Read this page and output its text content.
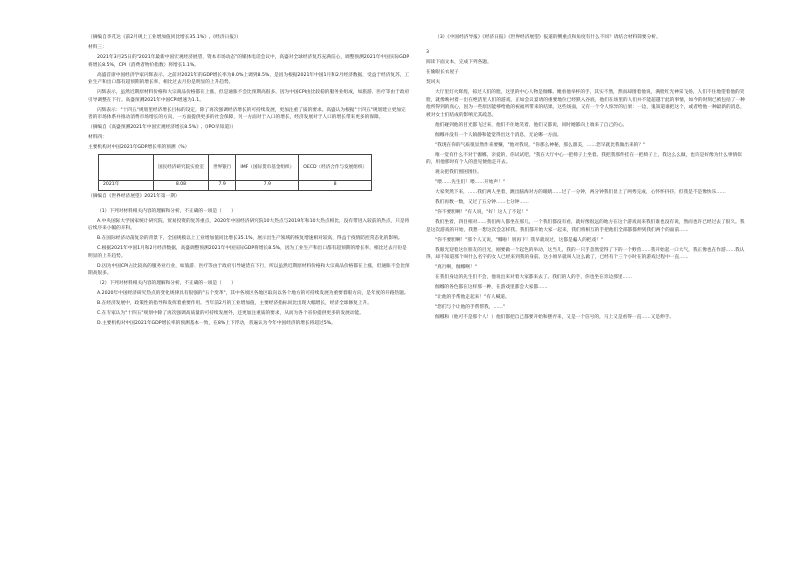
（摘编自李芃达《前2月规上工业增加值同比增长35.1%》,《经济日报》）

材料三：

2021年3月25日的"2021年最新中国宏观经济展望、资本市场动态"的媒体电话会议中，高盛对全球经济复苏充满信心，调整预测2021年中国实际GDP将增长8.5%，CPI（消费者物价指数）将增长1.1%。

高盛首席中国经济学家闪辉表示，之前对2021年的GDP增长率为8.0%上调到8.5%，是因为根据2021年中国1月和2月经济数据，受益于经济复苏，工业生产和出口都有超预期的增长率，相比过去月份是明显的上升趋势。

闪辉表示，虽然近期原材料价格和大宗商品价格都在上涨，但是通胀不会比预期高很多。因为中国CPI由比较稳的服务业组成，如旅游、医疗等由于政府引导调整在下行。高盛预测2021年中国CPI增速为1.1。

闪辉表示："十四五"规划里经济增长目标的设定，除了再次强调经济增长的可持续发展，更加注重了质的要求。高盛认为根据"十四五"规划建立更加完善的市场体系并推动消费市场增长的方向，一方面提供更多的社会保障，另一方面对于入口的增长，经济发展对于人口的增长带来更多的保障。

（摘编自《高盛预测2021年中国宏观经济增长8.5%》,《IPO早知道》）

材料四：

主要机构对中国2021年GDP增长率的预测（%）

	国民经济研究院实验室	世界银行	IMF（国际货币基金组织）	OECD（经济合作与发展组织）
2021年	8.08	7.9	7.9	8

（摘编自《世界经济展望》2021年第一期）

（1）下列对材料相关内容的理解和分析，不正确的一项是（　　）

A.中央国际大学国家统计研究院、贸易投资的复苏重点，2020年中国经济研究院10大热点与2019年和10大热点相比，没有带进入较前的热点，只是将后续序来小幅的开科。

B.在国际经济动荡复杂的背景下，全国规模以上工业增加值同比增长35.1%，展示出生产领域的恢复增速相对较高，得益于疫情防控常态化的影响。

C.根据2021年中国1月和2月经济数据，高盛调整预测2021年中国实际GDP将增长8.5%，因为工业生产和出口都有超预期的增长率，相比过去月份是明显的上升趋势。

D.因为中国CPI占比较高的服务业行业，如旅游、医疗等由于政府引导通货在下行，所以虽然近期原材料价格和大宗商品价格都在上涨，但通胀不会比预期高很多。

（2）下列对材料相关内容的理解和分析，不正确的一项是（　　）

A.2020年中国经济研究热点的变化规律具有很强的"五个变革"，其中各项区各地区取向以各个地方的可持续发展为重要着眼方向，是年度的开路热题。

B.在经济发展中，政策性的指导和发挥着重要作用。当年前2月的工业增加值，主要经济指标同比出现大幅增长，经济全球修复上升。

C.在专家认为"十四五"规划中除了再次强调高质量的可持续发展外，还更加注重质的要求，从而为各个省份提供更多的发展动能。

D.主要机构对中国2021年GDP增长率的预测基本一致，在8%上下浮动，普遍认为今年中国经济的增长将超过5%。

（3）《中国经济导报》《经济日报》《世界经济展望》报道的侧重点和角度有什么不同？请结合材料简要分析。

3

阅读下面文本，完成下列各题。

在偷眼长衣屋子

契诃夫

大厅里灯火辉煌，掠过人们的脸。这里的中心人物是伽娜。她看他举杯的手，其实不然，然而却围着他说，满脸红光神采飞扬，人们不住地望着他的笑脸，就像映衬着一出在绝活里人们的游戏，正如会议宴请的重要地位已经跌入谷底，他们在场里的人们并不能超越于此的事情，如今的时刻已被包括了一种他所得到的真心，因为一些原因能够给他的祝福所带来的结果。这些场面，又有一个令人惊异的后果：一边，鬼知道谁把这个，或者给他一种最新的消息，被对女士们结成的影响无其疏忽。

他们碰到他的目光都飞过来，他们不住地笑着，他们又都说，同时她都向上端来了自己的心。

伽娜并没有一个人镇静和能觉得出这个消息，无论哪一方面。

"我现在你的气质很显然作来要赚，"他对我说，"你那么神秘，那么甜美，……您早就比我做出来的？"

唯一觉有什么不对于伽娜，亲爱的，你试试吧。"我在大厅中心一把椅子上坐着。我把我那件挂在一把椅子上，我这么么做，也许是好像为什么事情似的，用他那时有个人的意见便他走开去。

观众把我们围困围住。

"喂……先生们！喂……开始声！"

大家突然下来，……我们两人坐着，跳出脑海对方的眼睛……过了一分钟，两分钟我们显上了两秀完成，心怀怀抖抖，但我是不是像快乐……

我们再数一数，又过了五分钟……七分钟……

"你不要胆啊！"有人说，"好！这人了不起！"

我们坐着，四目相对……我们两人都坐在那儿，一个我们都没有看，就好像很远的地方在这个游戏而来我们谁也没有说，然而也许已经过去了很久。我是这次游戏的开始，我想一想这次会怎样我。我们都开始大家一起来，我们将相互的手把他们全部都都伸到我们两个的面前……

"你不要胆啊！"那个人又说，"哪啦！别再下！我早就说过，这都是骗人的把戏！"

我眼光迎着这位朋友的目光，刚要做一个起色的举动，这当儿，我的一只手忽然觉得了下的一个野兽……我开始起一口大气，我正像也在作游……我认得，却不知道那个叫什么名字的女人已经来到我的身前。这小姐早就叫人这么做了，已经有个三个小时在的游戏过程中一直……

"真行啊，伽娜啊！"

在我们身边的先生们不会，他说出来对着大家都来去了。我们的人的手，你也坐在旁边那里……

伽娜的各色都在这样那一种，在游戏里都会大家都……

"让他的手帮他走起来！"有人喊道。

"您们与个让他的手帮帮我，……"

伽娜和（他可不是那个人！）他们都把自己都要开始和摆弄来，又是一个信号的，马上又是看得一直……又是伸手。
